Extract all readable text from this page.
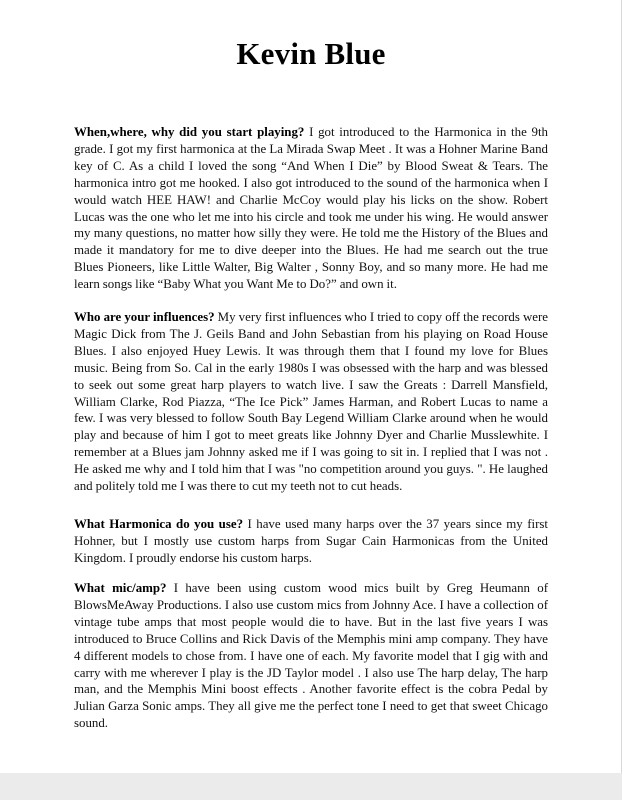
Kevin Blue

When,where, why did you start playing? I got introduced to the Harmonica in the 9th grade. I got my first harmonica at the La Mirada Swap Meet . It was a Hohner Marine Band key of C. As a child I loved the song “And When I Die” by Blood Sweat & Tears. The harmonica intro got me hooked. I also got introduced to the sound of the harmonica when I would watch HEE HAW! and Charlie McCoy would play his licks on the show. Robert Lucas was the one who let me into his circle and took me under his wing. He would answer my many questions, no matter how silly they were. He told me the History of the Blues and made it mandatory for me to dive deeper into the Blues. He had me search out the true Blues Pioneers, like Little Walter, Big Walter , Sonny Boy, and so many more. He had me learn songs like “Baby What you Want Me to Do?” and own it.

Who are your influences? My very first influences who I tried to copy off the records were Magic Dick from The J. Geils Band and John Sebastian from his playing on Road House Blues. I also enjoyed Huey Lewis. It was through them that I found my love for Blues music. Being from So. Cal in the early 1980s I was obsessed with the harp and was blessed to seek out some great harp players to watch live. I saw the Greats : Darrell Mansfield, William Clarke, Rod Piazza, “The Ice Pick” James Harman, and Robert Lucas to name a few. I was very blessed to follow South Bay Legend William Clarke around when he would play and because of him I got to meet greats like Johnny Dyer and Charlie Musslewhite. I remember at a Blues jam Johnny asked me if I was going to sit in. I replied that I was not . He asked me why and I told him that I was "no competition around you guys. ". He laughed and politely told me I was there to cut my teeth not to cut heads.

What Harmonica do you use? I have used many harps over the 37 years since my first Hohner, but I mostly use custom harps from Sugar Cain Harmonicas from the United Kingdom. I proudly endorse his custom harps.

What mic/amp? I have been using custom wood mics built by Greg Heumann of BlowsMeAway Productions. I also use custom mics from Johnny Ace. I have a collection of vintage tube amps that most people would die to have. But in the last five years I was introduced to Bruce Collins and Rick Davis of the Memphis mini amp company. They have 4 different models to chose from. I have one of each. My favorite model that I gig with and carry with me wherever I play is the JD Taylor model . I also use The harp delay, The harp man, and the Memphis Mini boost effects . Another favorite effect is the cobra Pedal by Julian Garza Sonic amps. They all give me the perfect tone I need to get that sweet Chicago sound.
